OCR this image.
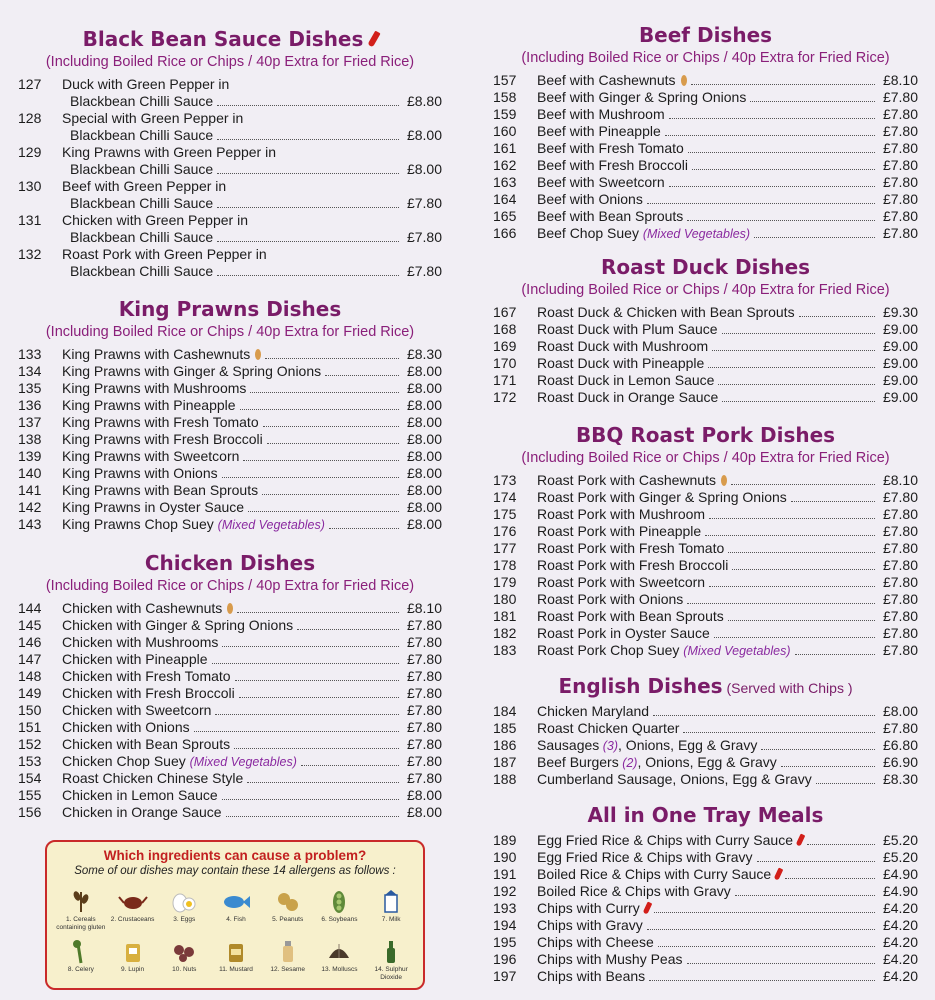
Black Bean Sauce Dishes
(Including Boiled Rice or Chips / 40p Extra for Fried Rice)
127	Duck with Green Pepper in
Blackbean Chilli Sauce	£8.80
128	Special with Green Pepper in
Blackbean Chilli Sauce	£8.00
129	King Prawns with Green Pepper in
Blackbean Chilli Sauce	£8.00
130	Beef with Green Pepper in
Blackbean Chilli Sauce	£7.80
131	Chicken with Green Pepper in
Blackbean Chilli Sauce	£7.80
132	Roast Pork with Green Pepper in
Blackbean Chilli Sauce	£7.80
King Prawns Dishes
(Including Boiled Rice or Chips / 40p Extra for Fried Rice)
133	King Prawns with Cashewnuts	£8.30
134	King Prawns with Ginger & Spring Onions	£8.00
135	King Prawns with Mushrooms	£8.00
136	King Prawns with Pineapple	£8.00
137	King Prawns with Fresh Tomato	£8.00
138	King Prawns with Fresh Broccoli	£8.00
139	King Prawns with Sweetcorn	£8.00
140	King Prawns with Onions	£8.00
141	King Prawns with Bean Sprouts	£8.00
142	King Prawns in Oyster Sauce	£8.00
143	King Prawns Chop Suey (Mixed Vegetables)	£8.00
Chicken Dishes
(Including Boiled Rice or Chips / 40p Extra for Fried Rice)
144	Chicken with Cashewnuts	£8.10
145	Chicken with Ginger & Spring Onions	£7.80
146	Chicken with Mushrooms	£7.80
147	Chicken with Pineapple	£7.80
148	Chicken with Fresh Tomato	£7.80
149	Chicken with Fresh Broccoli	£7.80
150	Chicken with Sweetcorn	£7.80
151	Chicken with Onions	£7.80
152	Chicken with Bean Sprouts	£7.80
153	Chicken Chop Suey (Mixed Vegetables)	£7.80
154	Roast Chicken Chinese Style	£7.80
155	Chicken in Lemon Sauce	£8.00
156	Chicken in Orange Sauce	£8.00
Beef Dishes
(Including Boiled Rice or Chips / 40p Extra for Fried Rice)
157	Beef with Cashewnuts	£8.10
158	Beef with Ginger & Spring Onions	£7.80
159	Beef with Mushroom	£7.80
160	Beef with Pineapple	£7.80
161	Beef with Fresh Tomato	£7.80
162	Beef with Fresh Broccoli	£7.80
163	Beef with Sweetcorn	£7.80
164	Beef with Onions	£7.80
165	Beef with Bean Sprouts	£7.80
166	Beef Chop Suey (Mixed Vegetables)	£7.80
Roast Duck Dishes
(Including Boiled Rice or Chips / 40p Extra for Fried Rice)
167	Roast Duck & Chicken with Bean Sprouts	£9.30
168	Roast Duck with Plum Sauce	£9.00
169	Roast Duck with Mushroom	£9.00
170	Roast Duck with Pineapple	£9.00
171	Roast Duck in Lemon Sauce	£9.00
172	Roast Duck in Orange Sauce	£9.00
BBQ Roast Pork Dishes
(Including Boiled Rice or Chips / 40p Extra for Fried Rice)
173	Roast Pork with Cashewnuts	£8.10
174	Roast Pork with Ginger & Spring Onions	£7.80
175	Roast Pork with Mushroom	£7.80
176	Roast Pork with Pineapple	£7.80
177	Roast Pork with Fresh Tomato	£7.80
178	Roast Pork with Fresh Broccoli	£7.80
179	Roast Pork with Sweetcorn	£7.80
180	Roast Pork with Onions	£7.80
181	Roast Pork with Bean Sprouts	£7.80
182	Roast Pork in Oyster Sauce	£7.80
183	Roast Pork Chop Suey (Mixed Vegetables)	£7.80
English Dishes (Served with Chips )
184	Chicken Maryland	£8.00
185	Roast Chicken Quarter	£7.80
186	Sausages (3), Onions, Egg & Gravy	£6.80
187	Beef Burgers (2), Onions, Egg & Gravy	£6.90
188	Cumberland Sausage, Onions, Egg & Gravy	£8.30
All in One Tray Meals
189	Egg Fried Rice & Chips with Curry Sauce	£5.20
190	Egg Fried Rice & Chips with Gravy	£5.20
191	Boiled Rice & Chips with Curry Sauce	£4.90
192	Boiled Rice & Chips with Gravy	£4.90
193	Chips with Curry	£4.20
194	Chips with Gravy	£4.20
195	Chips with Cheese	£4.20
196	Chips with Mushy Peas	£4.20
197	Chips with Beans	£4.20
Which ingredients can cause a problem?
Some of our dishes may contain these 14 allergens as follows :
1. Cereals containing gluten
2. Crustaceans	3. Eggs	4. Fish	5. Peanuts	6. Soybeans	7. Milk
8. Celery	9. Lupin	10. Nuts	11. Mustard	12. Sesame	13. Molluscs	14. Sulphur Dioxide
